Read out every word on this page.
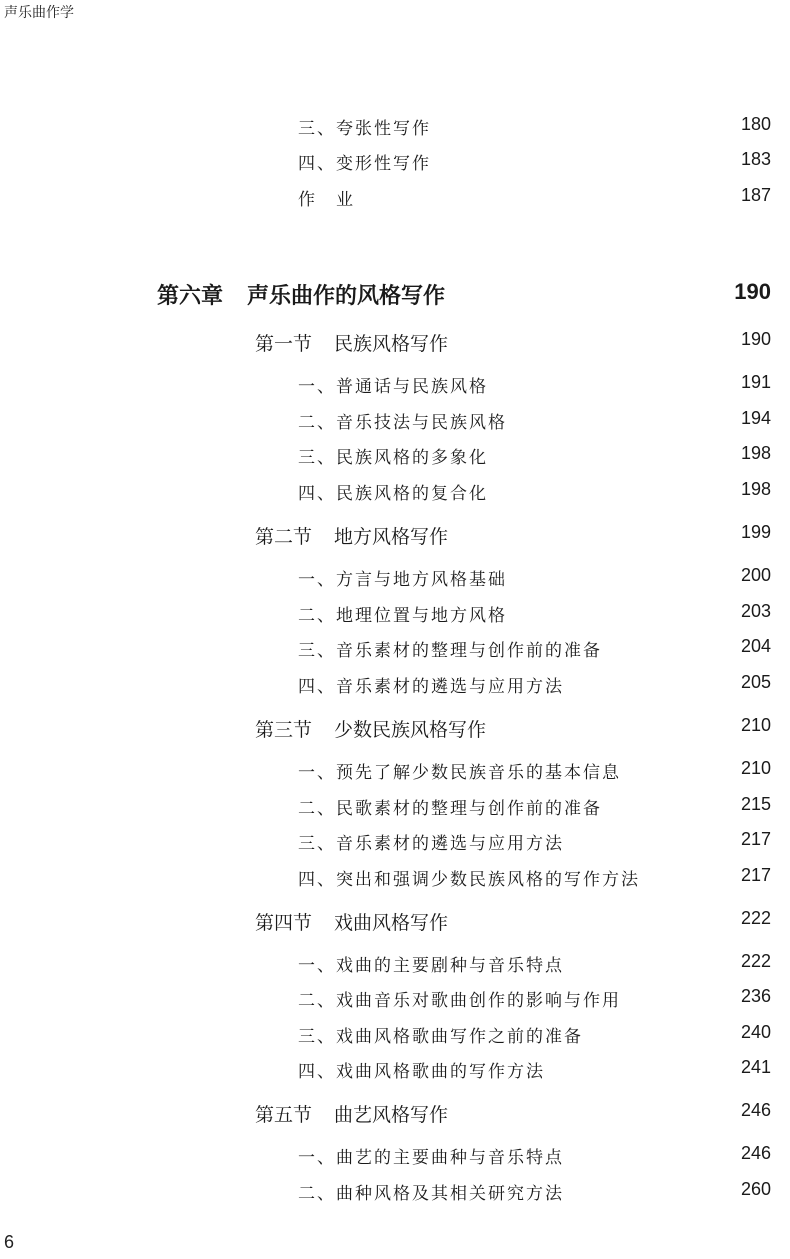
声乐曲作学
三、夸张性写作	180
四、变形性写作	183
作　业	187
第六章 声乐曲作的风格写作	190
第一节 民族风格写作	190
一、普通话与民族风格	191
二、音乐技法与民族风格	194
三、民族风格的多象化	198
四、民族风格的复合化	198
第二节 地方风格写作	199
一、方言与地方风格基础	200
二、地理位置与地方风格	203
三、音乐素材的整理与创作前的准备	204
四、音乐素材的遴选与应用方法	205
第三节 少数民族风格写作	210
一、预先了解少数民族音乐的基本信息	210
二、民歌素材的整理与创作前的准备	215
三、音乐素材的遴选与应用方法	217
四、突出和强调少数民族风格的写作方法	217
第四节 戏曲风格写作	222
一、戏曲的主要剧种与音乐特点	222
二、戏曲音乐对歌曲创作的影响与作用	236
三、戏曲风格歌曲写作之前的准备	240
四、戏曲风格歌曲的写作方法	241
第五节 曲艺风格写作	246
一、曲艺的主要曲种与音乐特点	246
二、曲种风格及其相关研究方法	260
6
